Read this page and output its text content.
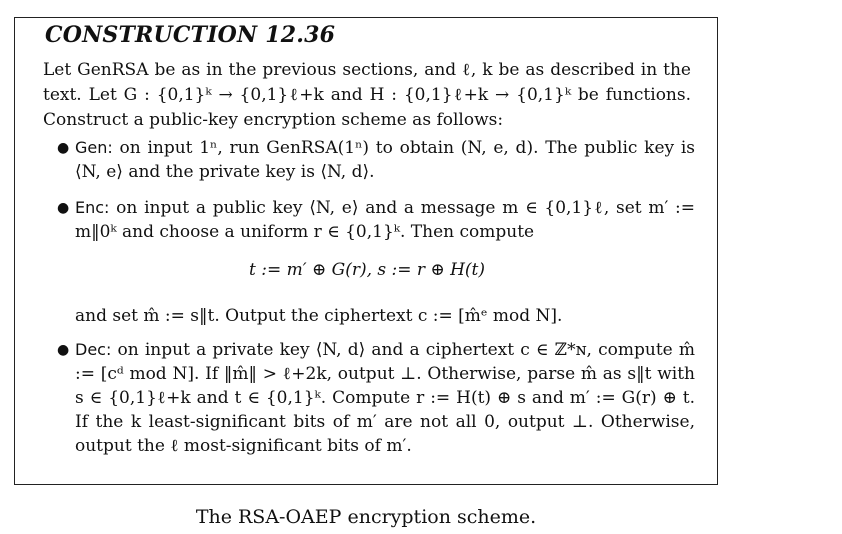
CONSTRUCTION 12.36
Let GenRSA be as in the previous sections, and ℓ, k be as described in the text. Let G : {0,1}ᵏ → {0,1}ℓ+k and H : {0,1}ℓ+k → {0,1}ᵏ be functions. Construct a public-key encryption scheme as follows:
● Gen: on input 1ⁿ, run GenRSA(1ⁿ) to obtain (N, e, d). The public key is ⟨N, e⟩ and the private key is ⟨N, d⟩.
● Enc: on input a public key ⟨N, e⟩ and a message m ∈ {0,1}ℓ, set m′ := m‖0ᵏ and choose a uniform r ∈ {0,1}ᵏ. Then compute
t := m′ ⊕ G(r), s := r ⊕ H(t)
and set m̂ := s‖t. Output the ciphertext c := [m̂ᵉ mod N].
● Dec: on input a private key ⟨N, d⟩ and a ciphertext c ∈ ℤ*ɴ, compute m̂ := [cᵈ mod N]. If ‖m̂‖ > ℓ+2k, output ⊥. Otherwise, parse m̂ as s‖t with s ∈ {0,1}ℓ+k and t ∈ {0,1}ᵏ. Compute r := H(t) ⊕ s and m′ := G(r) ⊕ t. If the k least-significant bits of m′ are not all 0, output ⊥. Otherwise, output the ℓ most-significant bits of m′.
The RSA-OAEP encryption scheme.
